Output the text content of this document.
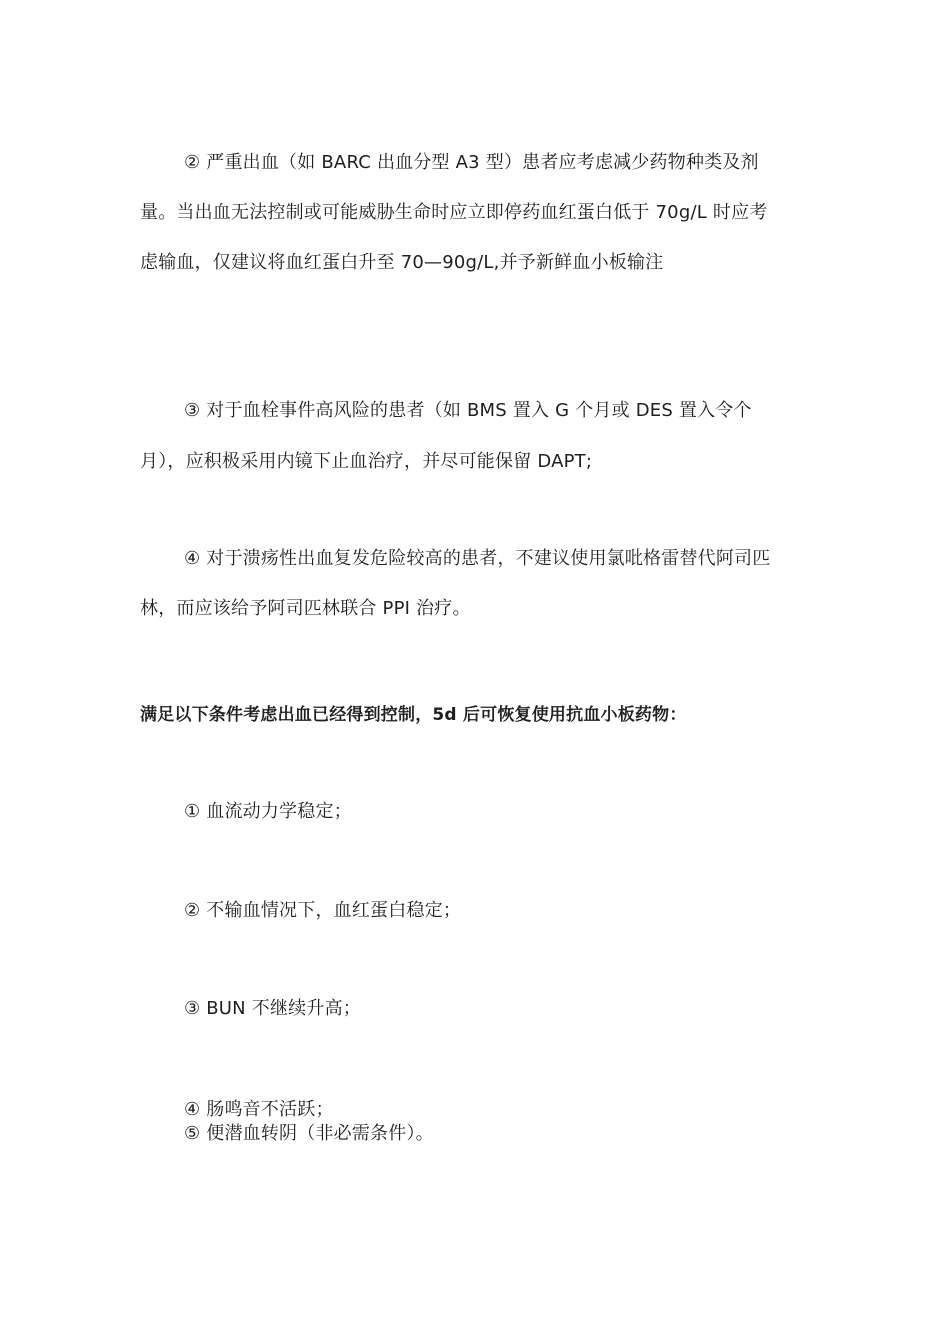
② 严重出血（如 BARC 出血分型 A3 型）患者应考虑减少药物种类及剂
量。当出血无法控制或可能威胁生命时应立即停药血红蛋白低于 70g/L 时应考
虑输血，仅建议将血红蛋白升至 70—90g/L,并予新鲜血小板输注
③ 对于血栓事件高风险的患者（如 BMS 置入 G 个月或 DES 置入令个
月），应积极采用内镜下止血治疗，并尽可能保留 DAPT;
④ 对于溃疡性出血复发危险较高的患者，不建议使用氯吡格雷替代阿司匹
林，而应该给予阿司匹林联合 PPI 治疗。
满足以下条件考虑出血已经得到控制，5d 后可恢复使用抗血小板药物：
① 血流动力学稳定；
② 不输血情况下，血红蛋白稳定；
③ BUN 不继续升高；
④ 肠鸣音不活跃；
⑤ 便潜血转阴（非必需条件）。
